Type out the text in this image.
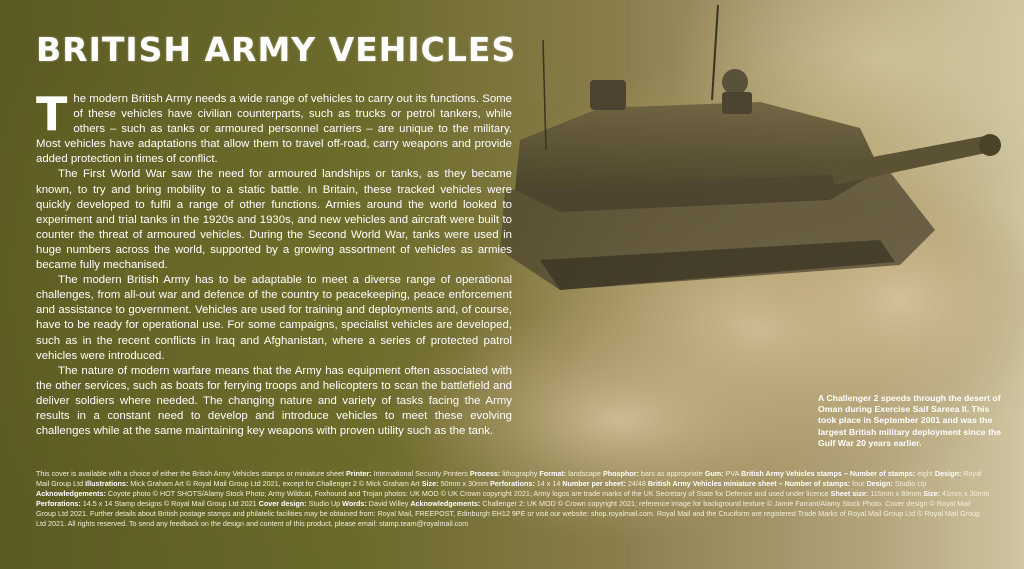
BRITISH ARMY VEHICLES

The modern British Army needs a wide range of vehicles to carry out its functions. Some of these vehicles have civilian counterparts, such as trucks or petrol tankers, while others – such as tanks or armoured personnel carriers – are unique to the military. Most vehicles have adaptations that allow them to travel off-road, carry weapons and provide added protection in times of conflict.

The First World War saw the need for armoured landships or tanks, as they became known, to try and bring mobility to a static battle. In Britain, these tracked vehicles were quickly developed to fulfil a range of other functions. Armies around the world looked to experiment and trial tanks in the 1920s and 1930s, and new vehicles and aircraft were built to counter the threat of armoured vehicles. During the Second World War, tanks were used in huge numbers across the world, supported by a growing assortment of vehicles as armies became fully mechanised.

The modern British Army has to be adaptable to meet a diverse range of operational challenges, from all-out war and defence of the country to peacekeeping, peace enforcement and assistance to government. Vehicles are used for training and deployments and, of course, have to be ready for operational use. For some campaigns, specialist vehicles are developed, such as in the recent conflicts in Iraq and Afghanistan, where a series of protected patrol vehicles were introduced.

The nature of modern warfare means that the Army has equipment often associated with the other services, such as boats for ferrying troops and helicopters to scan the battlefield and deliver soldiers where needed. The changing nature and variety of tasks facing the Army results in a constant need to develop and introduce vehicles to meet these evolving challenges while at the same maintaining key weapons with proven utility such as the tank.

A Challenger 2 speeds through the desert of Oman during Exercise Saif Sareea II. This took place in September 2001 and was the largest British military deployment since the Gulf War 20 years earlier.
This cover is available with a choice of either the British Army Vehicles stamps or miniature sheet Printer: International Security Printers Process: lithography Format: landscape Phosphor: bars as appropriate Gum: PVA British Army Vehicles stamps – Number of stamps: eight Design: Royal Mail Group Ltd Illustrations: Mick Graham Art © Royal Mail Group Ltd 2021, except for Challenger 2 © Mick Graham Art Size: 50mm x 30mm Perforations: 14 x 14 Number per sheet: 24/48 British Army Vehicles miniature sheet – Number of stamps: four Design: Studio Up Acknowledgements: Coyote photo © HOT SHOTS/Alamy Stock Photo; Army Wildcat, Foxhound and Trojan photos: UK MOD © UK Crown copyright 2021; Army logos are trade marks of the UK Secretary of State for Defence and used under licence Sheet size: 115mm x 89mm Size: 41mm x 30mm Perforations: 14.5 x 14 Stamp designs © Royal Mail Group Ltd 2021 Cover design: Studio Up Words: David Willey Acknowledgements: Challenger 2: UK MOD © Crown copyright 2021; reference image for background texture © Jamie Farrant/Alamy Stock Photo. Cover design © Royal Mail Group Ltd 2021. Further details about British postage stamps and philatelic facilities may be obtained from: Royal Mail, FREEPOST, Edinburgh EH12 9PE or visit our website: shop.royalmail.com. Royal Mail and the Cruciform are registered Trade Marks of Royal Mail Group Ltd © Royal Mail Group Ltd 2021. All rights reserved. To send any feedback on the design and content of this product, please email: stamp.team@royalmail.com
